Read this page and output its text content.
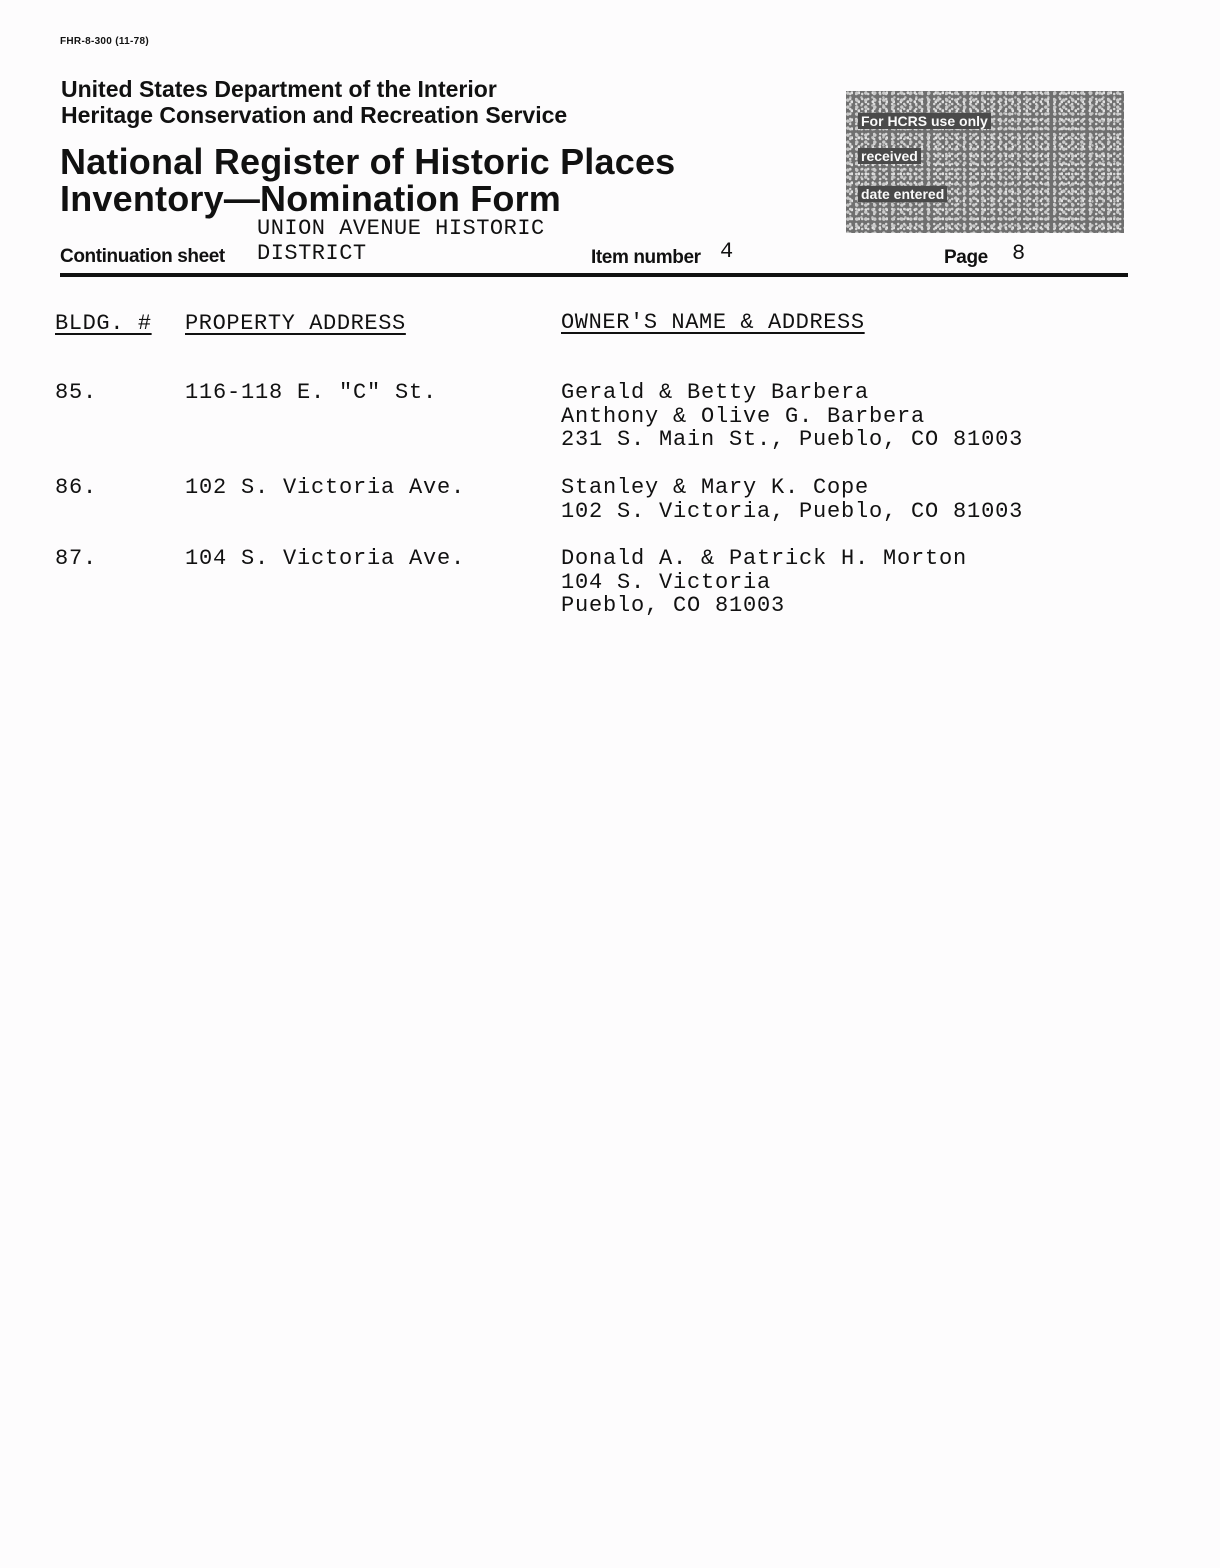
FHR-8-300 (11-78)
United States Department of the Interior
Heritage Conservation and Recreation Service
National Register of Historic Places
Inventory—Nomination Form
For HCRS use only
received
date entered
UNION AVENUE HISTORIC
DISTRICT
Continuation sheet	Item number 4	Page 8
BLDG. # PROPERTY ADDRESS	OWNER'S NAME & ADDRESS
85.	116-118 E. "C" St.	Gerald & Betty Barbera
Anthony & Olive G. Barbera
231 S. Main St., Pueblo, CO 81003
86.	102 S. Victoria Ave.	Stanley & Mary K. Cope
102 S. Victoria, Pueblo, CO 81003
87.	104 S. Victoria Ave.	Donald A. & Patrick H. Morton
104 S. Victoria
Pueblo, CO 81003
